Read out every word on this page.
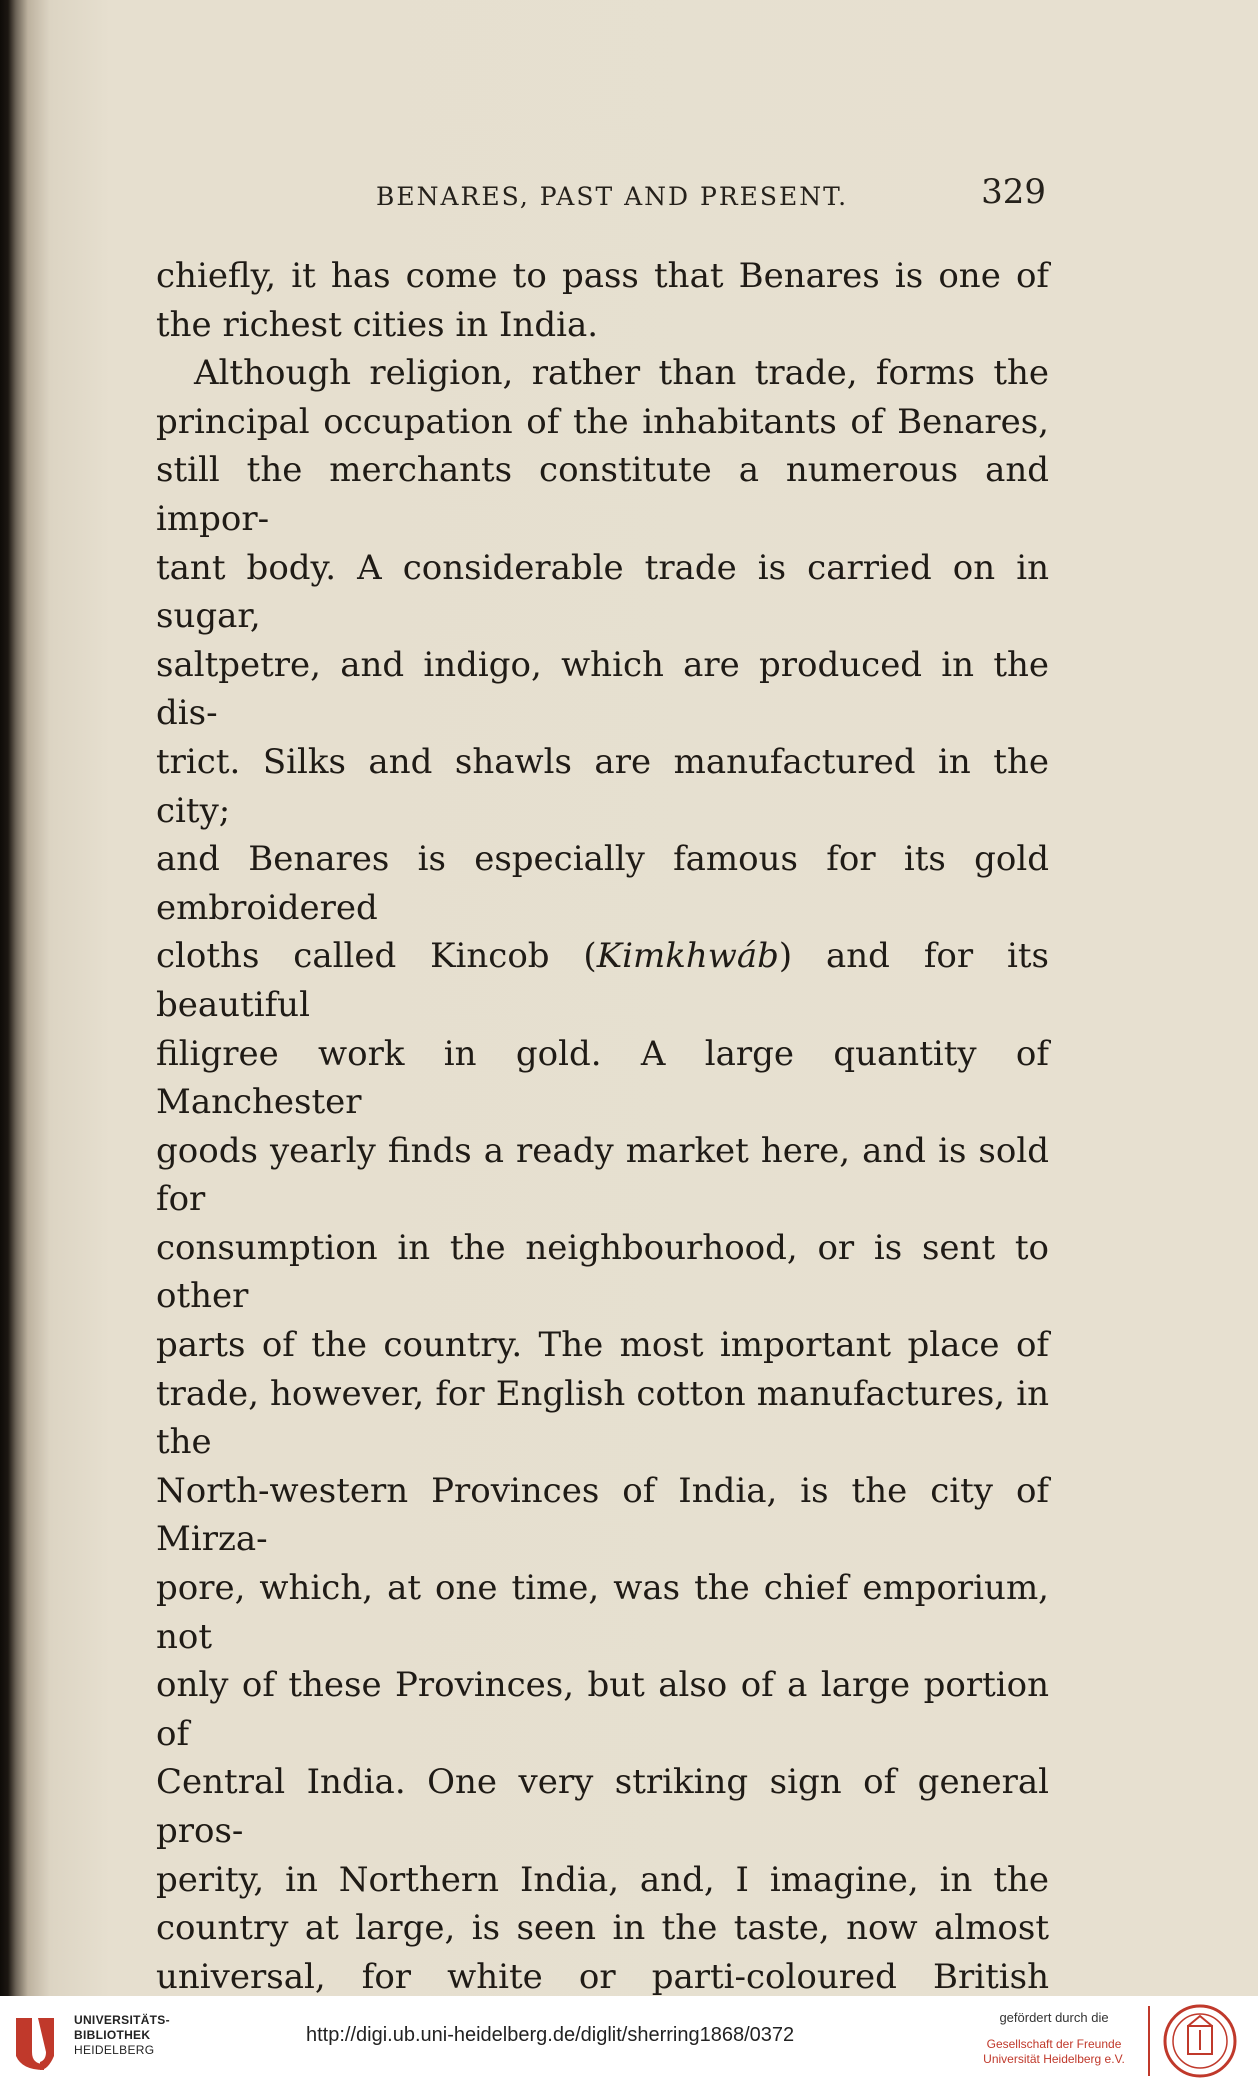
BENARES, PAST AND PRESENT.	329

chiefly, it has come to pass that Benares is one of

the richest cities in India.

Although religion, rather than trade, forms the

principal occupation of the inhabitants of Benares,

still the merchants constitute a numerous and impor-

tant body. A considerable trade is carried on in sugar,

saltpetre, and indigo, which are produced in the dis-

trict. Silks and shawls are manufactured in the city;

and Benares is especially famous for its gold embroidered

cloths called Kincob (Kimkhwáb) and for its beautiful

filigree work in gold. A large quantity of Manchester

goods yearly finds a ready market here, and is sold for

consumption in the neighbourhood, or is sent to other

parts of the country. The most important place of

trade, however, for English cotton manufactures, in the

North-western Provinces of India, is the city of Mirza-

pore, which, at one time, was the chief emporium, not

only of these Provinces, but also of a large portion of

Central India. One very striking sign of general pros-

perity, in Northern India, and, I imagine, in the

country at large, is seen in the taste, now almost

universal, for white or parti-coloured British

UNIVERSITÄTS-
BIBLIOTHEK
HEIDELBERG
http://digi.ub.uni-heidelberg.de/diglit/sherring1868/0372
gefördert durch die
Gesellschaft der Freunde
Universität Heidelberg e.V.
